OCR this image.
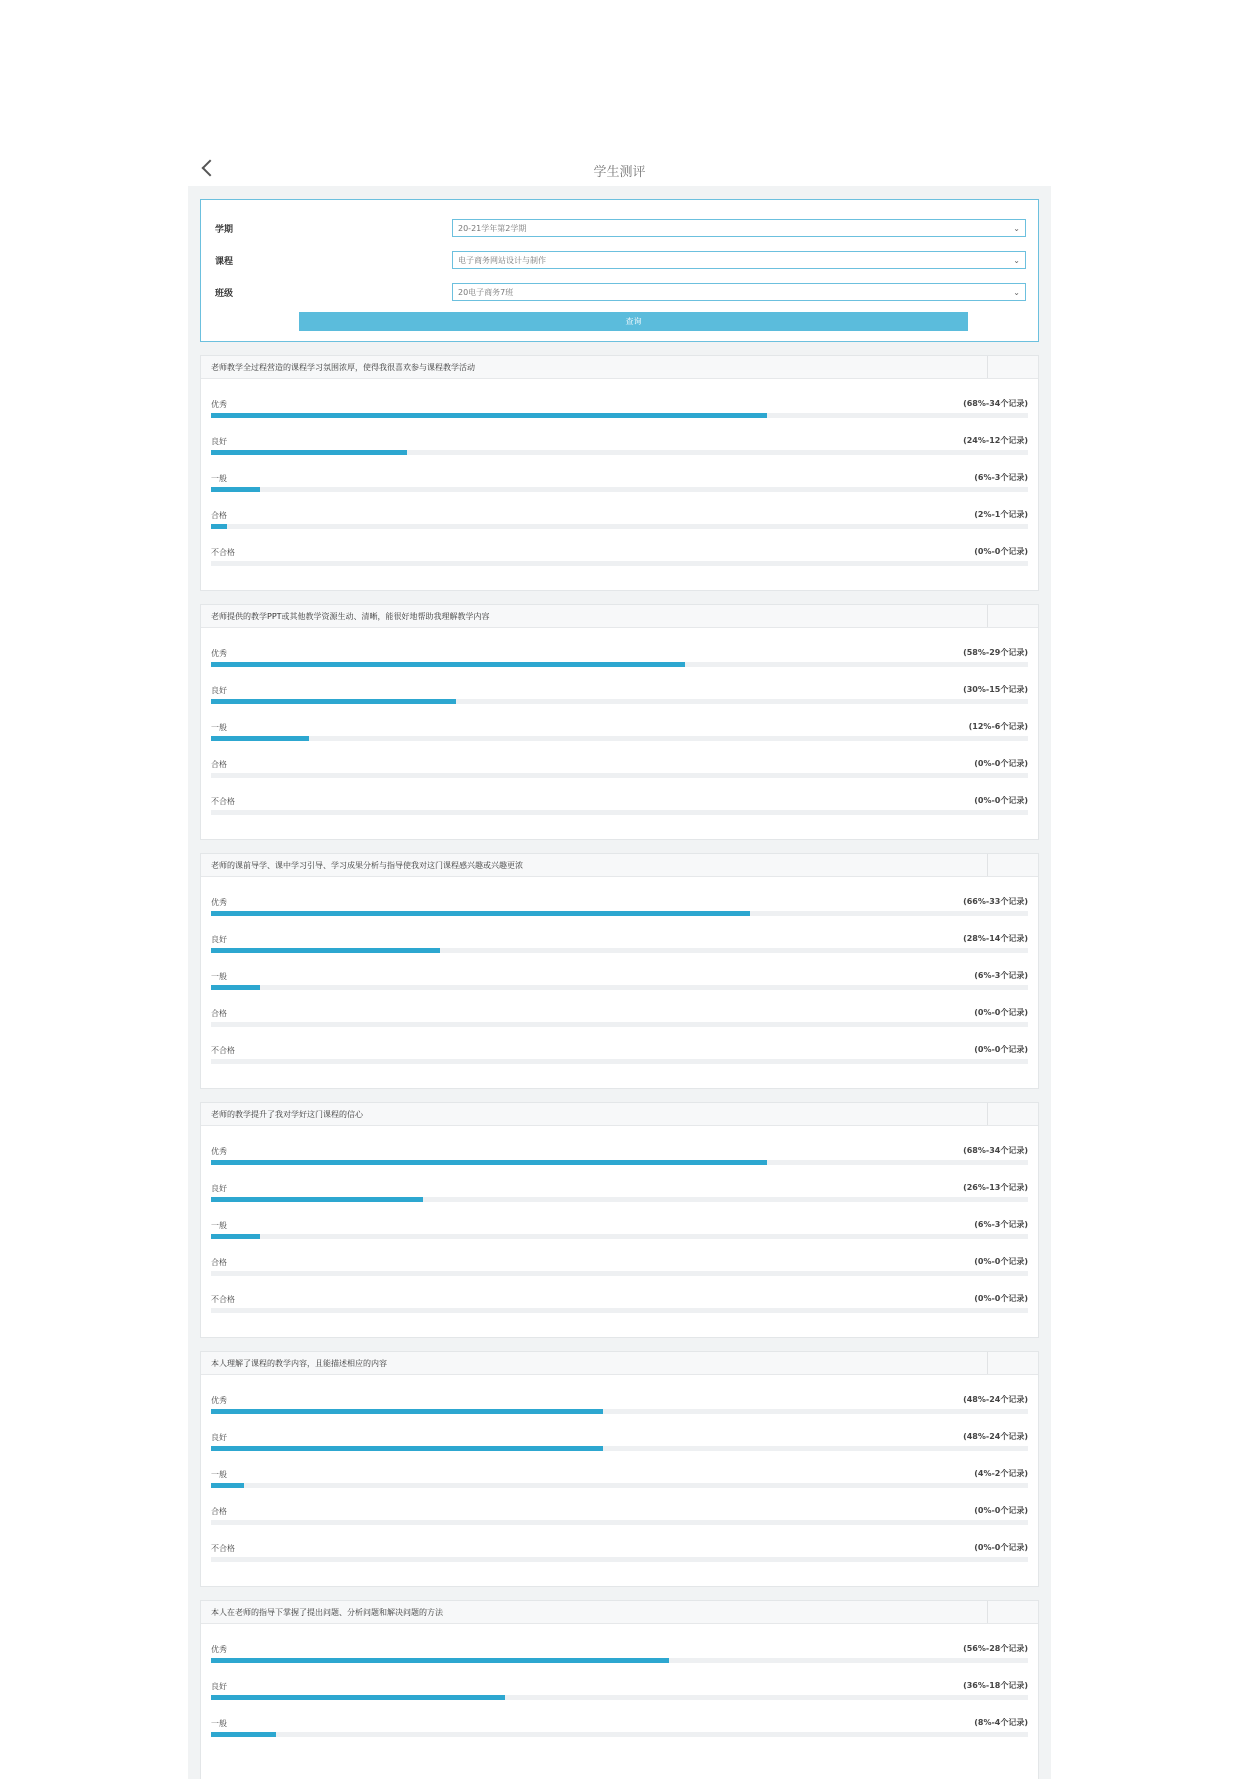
学生测评
学期	20-21学年第2学期	⌄
课程	电子商务网站设计与制作	⌄
班级	20电子商务7班	⌄
查询
老师教学全过程营造的课程学习氛围浓厚，使得我很喜欢参与课程教学活动
优秀	(68%-34个记录)
良好	(24%-12个记录)
一般	(6%-3个记录)
合格	(2%-1个记录)
不合格	(0%-0个记录)
老师提供的教学PPT或其他教学资源生动、清晰，能很好地帮助我理解教学内容
优秀	(58%-29个记录)
良好	(30%-15个记录)
一般	(12%-6个记录)
合格	(0%-0个记录)
不合格	(0%-0个记录)
老师的课前导学、课中学习引导、学习成果分析与指导使我对这门课程感兴趣或兴趣更浓
优秀	(66%-33个记录)
良好	(28%-14个记录)
一般	(6%-3个记录)
合格	(0%-0个记录)
不合格	(0%-0个记录)
老师的教学提升了我对学好这门课程的信心
优秀	(68%-34个记录)
良好	(26%-13个记录)
一般	(6%-3个记录)
合格	(0%-0个记录)
不合格	(0%-0个记录)
本人理解了课程的教学内容，且能描述相应的内容
优秀	(48%-24个记录)
良好	(48%-24个记录)
一般	(4%-2个记录)
合格	(0%-0个记录)
不合格	(0%-0个记录)
本人在老师的指导下掌握了提出问题、分析问题和解决问题的方法
优秀	(56%-28个记录)
良好	(36%-18个记录)
一般	(8%-4个记录)
